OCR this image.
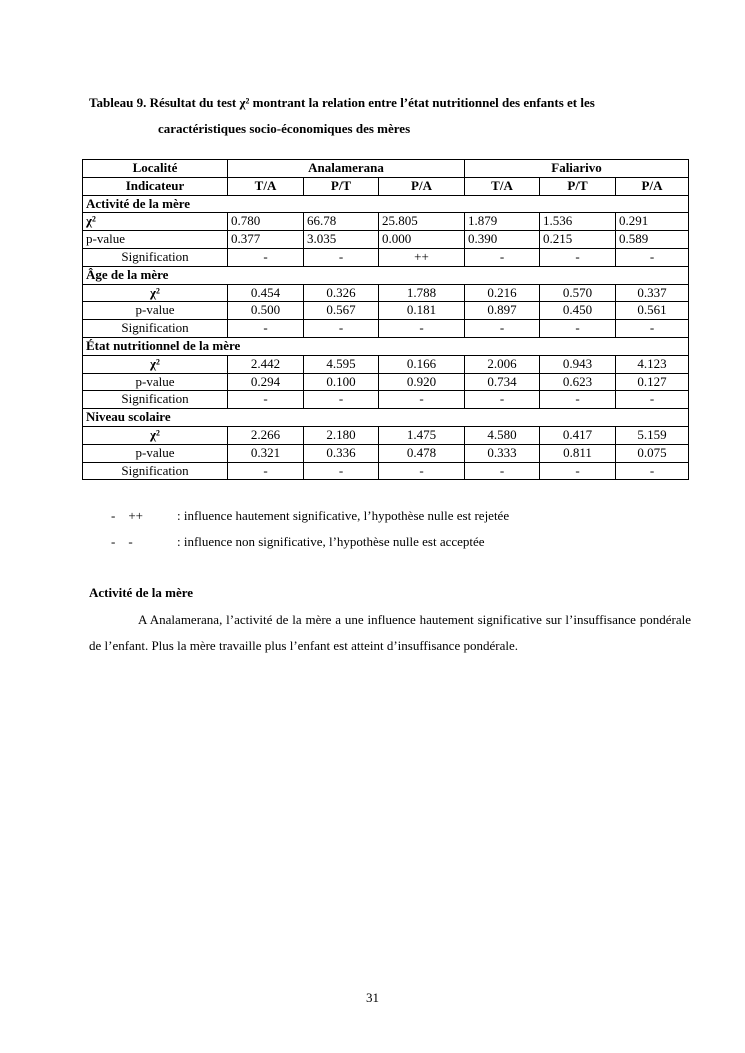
Tableau 9. Résultat du test χ² montrant la relation entre l’état nutritionnel des enfants et les
caractéristiques socio-économiques des mères
Localité	Analamerana			Faliarivo		
Indicateur	T/A	P/T	P/A	T/A	P/T	P/A
Activité de la mère						
χ²	0.780	66.78	25.805	1.879	1.536	0.291
p-value	0.377	3.035	0.000	0.390	0.215	0.589
Signification	-	-	++	-	-	-
Âge de la mère						
χ²	0.454	0.326	1.788	0.216	0.570	0.337
p-value	0.500	0.567	0.181	0.897	0.450	0.561
Signification	-	-	-	-	-	-
État nutritionnel de la mère						
χ²	2.442	4.595	0.166	2.006	0.943	4.123
p-value	0.294	0.100	0.920	0.734	0.623	0.127
Signification	-	-	-	-	-	-
Niveau scolaire						
χ²	2.266	2.180	1.475	4.580	0.417	5.159
p-value	0.321	0.336	0.478	0.333	0.811	0.075
Signification	-	-	-	-	-	-
-    ++	: influence hautement significative, l’hypothèse nulle est rejetée
-    -	: influence non significative, l’hypothèse nulle est acceptée
Activité de la mère

A Analamerana, l’activité de la mère a une influence hautement significative sur l’insuffisance pondérale de l’enfant. Plus la mère travaille plus l’enfant est atteint d’insuffisance pondérale.

31
